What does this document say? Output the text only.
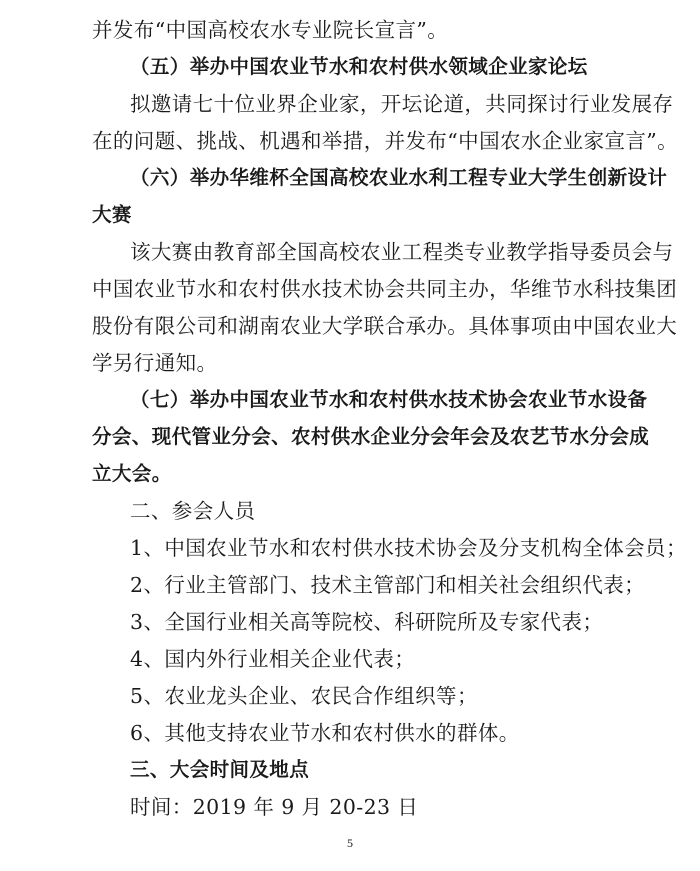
并发布“中国高校农水专业院长宣言”。
（五）举办中国农业节水和农村供水领域企业家论坛
拟邀请七十位业界企业家，开坛论道，共同探讨行业发展存
在的问题、挑战、机遇和举措，并发布“中国农水企业家宣言”。
（六）举办华维杯全国高校农业水利工程专业大学生创新设计
大赛
该大赛由教育部全国高校农业工程类专业教学指导委员会与
中国农业节水和农村供水技术协会共同主办，华维节水科技集团
股份有限公司和湖南农业大学联合承办。具体事项由中国农业大
学另行通知。
（七）举办中国农业节水和农村供水技术协会农业节水设备
分会、现代管业分会、农村供水企业分会年会及农艺节水分会成
立大会。
二、参会人员
1、中国农业节水和农村供水技术协会及分支机构全体会员；
2、行业主管部门、技术主管部门和相关社会组织代表；
3、全国行业相关高等院校、科研院所及专家代表；
4、国内外行业相关企业代表；
5、农业龙头企业、农民合作组织等；
6、其他支持农业节水和农村供水的群体。
三、大会时间及地点
时间：2019 年 9 月 20-23 日
5
